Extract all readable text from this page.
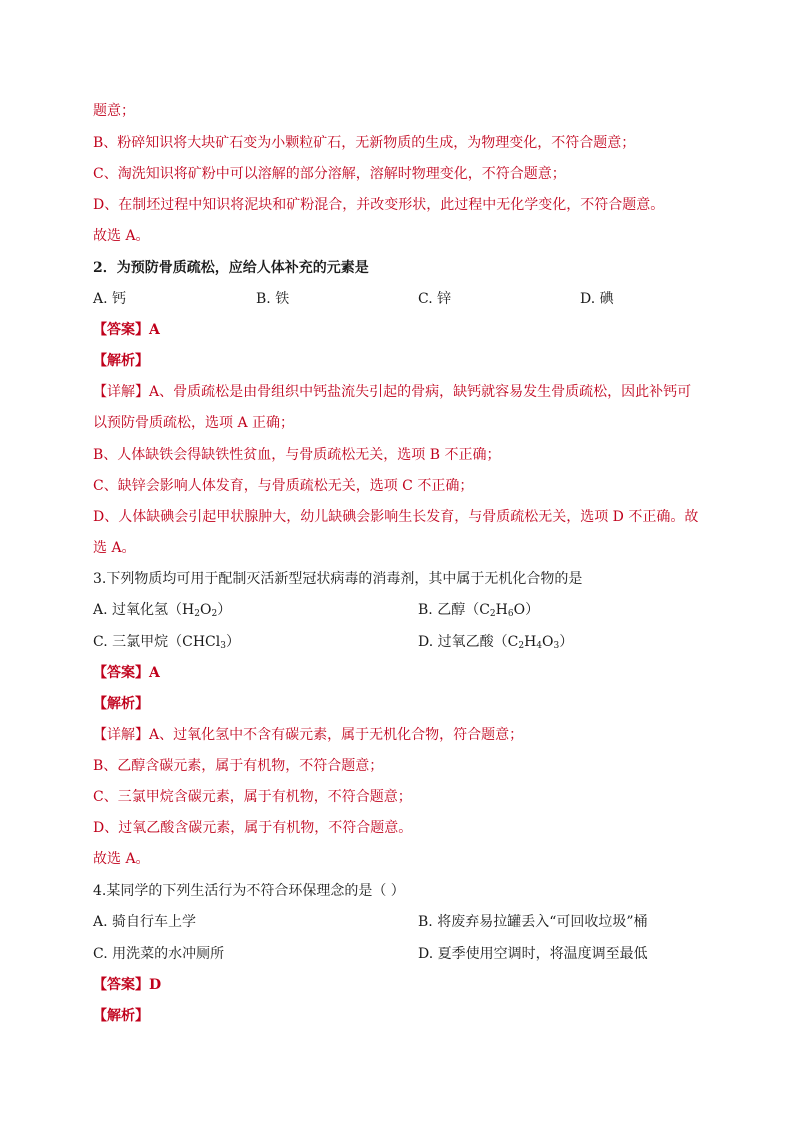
题意；
B、粉碎知识将大块矿石变为小颗粒矿石，无新物质的生成，为物理变化，不符合题意；
C、淘洗知识将矿粉中可以溶解的部分溶解，溶解时物理变化，不符合题意；
D、在制坯过程中知识将泥块和矿粉混合，并改变形状，此过程中无化学变化，不符合题意。
故选 A。
2．为预防骨质疏松，应给人体补充的元素是
A. 钙	B. 铁	C. 锌	D. 碘
【答案】A
【解析】
【详解】A、骨质疏松是由骨组织中钙盐流失引起的骨病，缺钙就容易发生骨质疏松，因此补钙可
以预防骨质疏松，选项 A 正确；
B、人体缺铁会得缺铁性贫血，与骨质疏松无关，选项 B 不正确；
C、缺锌会影响人体发育，与骨质疏松无关，选项 C 不正确；
D、人体缺碘会引起甲状腺肿大，幼儿缺碘会影响生长发育，与骨质疏松无关，选项 D 不正确。故
选 A。
3.下列物质均可用于配制灭活新型冠状病毒的消毒剂，其中属于无机化合物的是
A. 过氧化氢$(H_2O_2)$	B. 乙醇$(C_2H_6O)$
C. 三氯甲烷（CHCl$_3$）	D. 过氧乙酸$(C_2H_4O_3)$
【答案】A
【解析】
【详解】A、过氧化氢中不含有碳元素，属于无机化合物，符合题意；
B、乙醇含碳元素，属于有机物，不符合题意；
C、三氯甲烷含碳元素，属于有机物，不符合题意；
D、过氧乙酸含碳元素，属于有机物，不符合题意。
故选 A。
4.某同学的下列生活行为不符合环保理念的是（ ）
A. 骑自行车上学	B. 将废弃易拉罐丢入“可回收垃圾”桶
C. 用洗菜的水冲厕所	D. 夏季使用空调时，将温度调至最低
【答案】D
【解析】
